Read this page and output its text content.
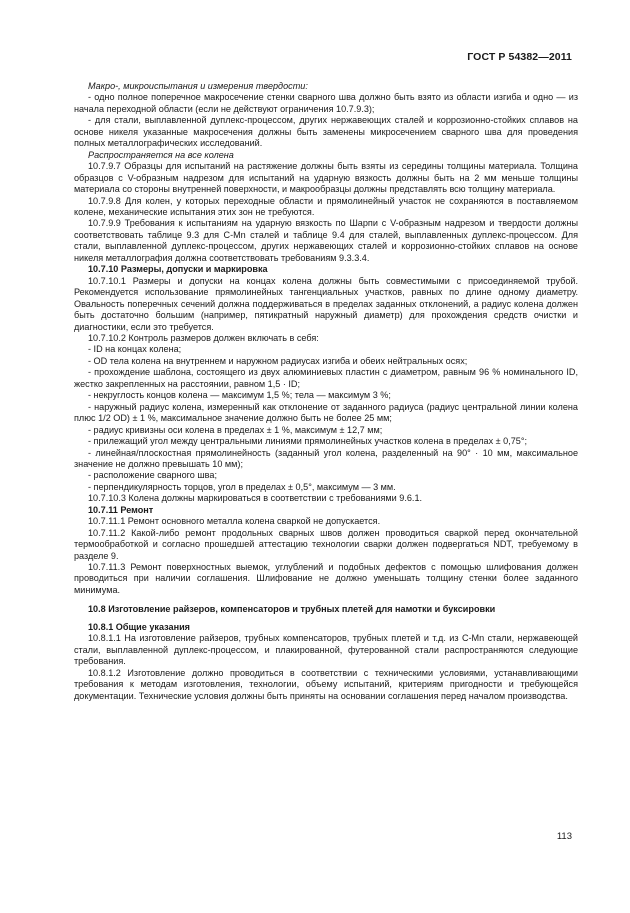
ГОСТ Р 54382—2011

Макро-, микроиспытания и измерения твердости:

- одно полное поперечное макросечение стенки сварного шва должно быть взято из области изгиба и одно — из начала переходной области (если не действуют ограничения 10.7.9.3);

- для стали, выплавленной дуплекс-процессом, других нержавеющих сталей и коррозионно-стойких сплавов на основе никеля указанные макросечения должны быть заменены микросечением сварного шва для проведения полных металлографических исследований.

Распространяется на все колена

10.7.9.7 Образцы для испытаний на растяжение должны быть взяты из середины толщины материала. Толщина образцов с V-образным надрезом для испытаний на ударную вязкость должны быть на 2 мм меньше толщины материала со стороны внутренней поверхности, и макрообразцы должны представлять всю толщину материала.

10.7.9.8 Для колен, у которых переходные области и прямолинейный участок не сохраняются в поставляемом колене, механические испытания этих зон не требуются.

10.7.9.9 Требования к испытаниям на ударную вязкость по Шарпи с V-образным надрезом и твердости должны соответствовать таблице 9.3 для C-Mn сталей и таблице 9.4 для сталей, выплавленных дуплекс-процессом. Для стали, выплавленной дуплекс-процессом, других нержавеющих сталей и коррозионно-стойких сплавов на основе никеля металлография должна соответствовать требованиям 9.3.3.4.

10.7.10 Размеры, допуски и маркировка

10.7.10.1 Размеры и допуски на концах колена должны быть совместимыми с присоединяемой трубой. Рекомендуется использование прямолинейных тангенциальных участков, равных по длине одному диаметру. Овальность поперечных сечений должна поддерживаться в пределах заданных отклонений, а радиус колена должен быть достаточно большим (например, пятикратный наружный диаметр) для прохождения средств очистки и диагностики, если это требуется.

10.7.10.2 Контроль размеров должен включать в себя:

- ID на концах колена;

- OD тела колена на внутреннем и наружном радиусах изгиба и обеих нейтральных осях;

- прохождение шаблона, состоящего из двух алюминиевых пластин с диаметром, равным 96 % номинального ID, жестко закрепленных на расстоянии, равном 1,5 · ID;

- некруглость концов колена — максимум 1,5 %; тела — максимум 3 %;

- наружный радиус колена, измеренный как отклонение от заданного радиуса (радиус центральной линии колена плюс 1/2 OD) ± 1 %, максимальное значение должно быть не более 25 мм;

- радиус кривизны оси колена в пределах ± 1 %, максимум ± 12,7 мм;

- прилежащий угол между центральными линиями прямолинейных участков колена в пределах ± 0,75°;

- линейная/плоскостная прямолинейность (заданный угол колена, разделенный на 90° · 10 мм, максимальное значение не должно превышать 10 мм);

- расположение сварного шва;

- перпендикулярность торцов, угол в пределах ± 0,5°, максимум — 3 мм.

10.7.10.3 Колена должны маркироваться в соответствии с требованиями 9.6.1.

10.7.11 Ремонт

10.7.11.1 Ремонт основного металла колена сваркой не допускается.

10.7.11.2 Какой-либо ремонт продольных сварных швов должен проводиться сваркой перед окончательной термообработкой и согласно прошедшей аттестацию технологии сварки должен подвергаться NDT, требуемому в разделе 9.

10.7.11.3 Ремонт поверхностных выемок, углублений и подобных дефектов с помощью шлифования должен проводиться при наличии соглашения. Шлифование не должно уменьшать толщину стенки более заданного минимума.

10.8 Изготовление райзеров, компенсаторов и трубных плетей для намотки и буксировки

10.8.1 Общие указания

10.8.1.1 На изготовление райзеров, трубных компенсаторов, трубных плетей и т.д. из C-Mn стали, нержавеющей стали, выплавленной дуплекс-процессом, и плакированной, футерованной стали распространяются следующие требования.

10.8.1.2 Изготовление должно проводиться в соответствии с техническими условиями, устанавливающими требования к методам изготовления, технологии, объему испытаний, критериям пригодности и требующейся документации. Технические условия должны быть приняты на основании соглашения перед началом производства.

113
